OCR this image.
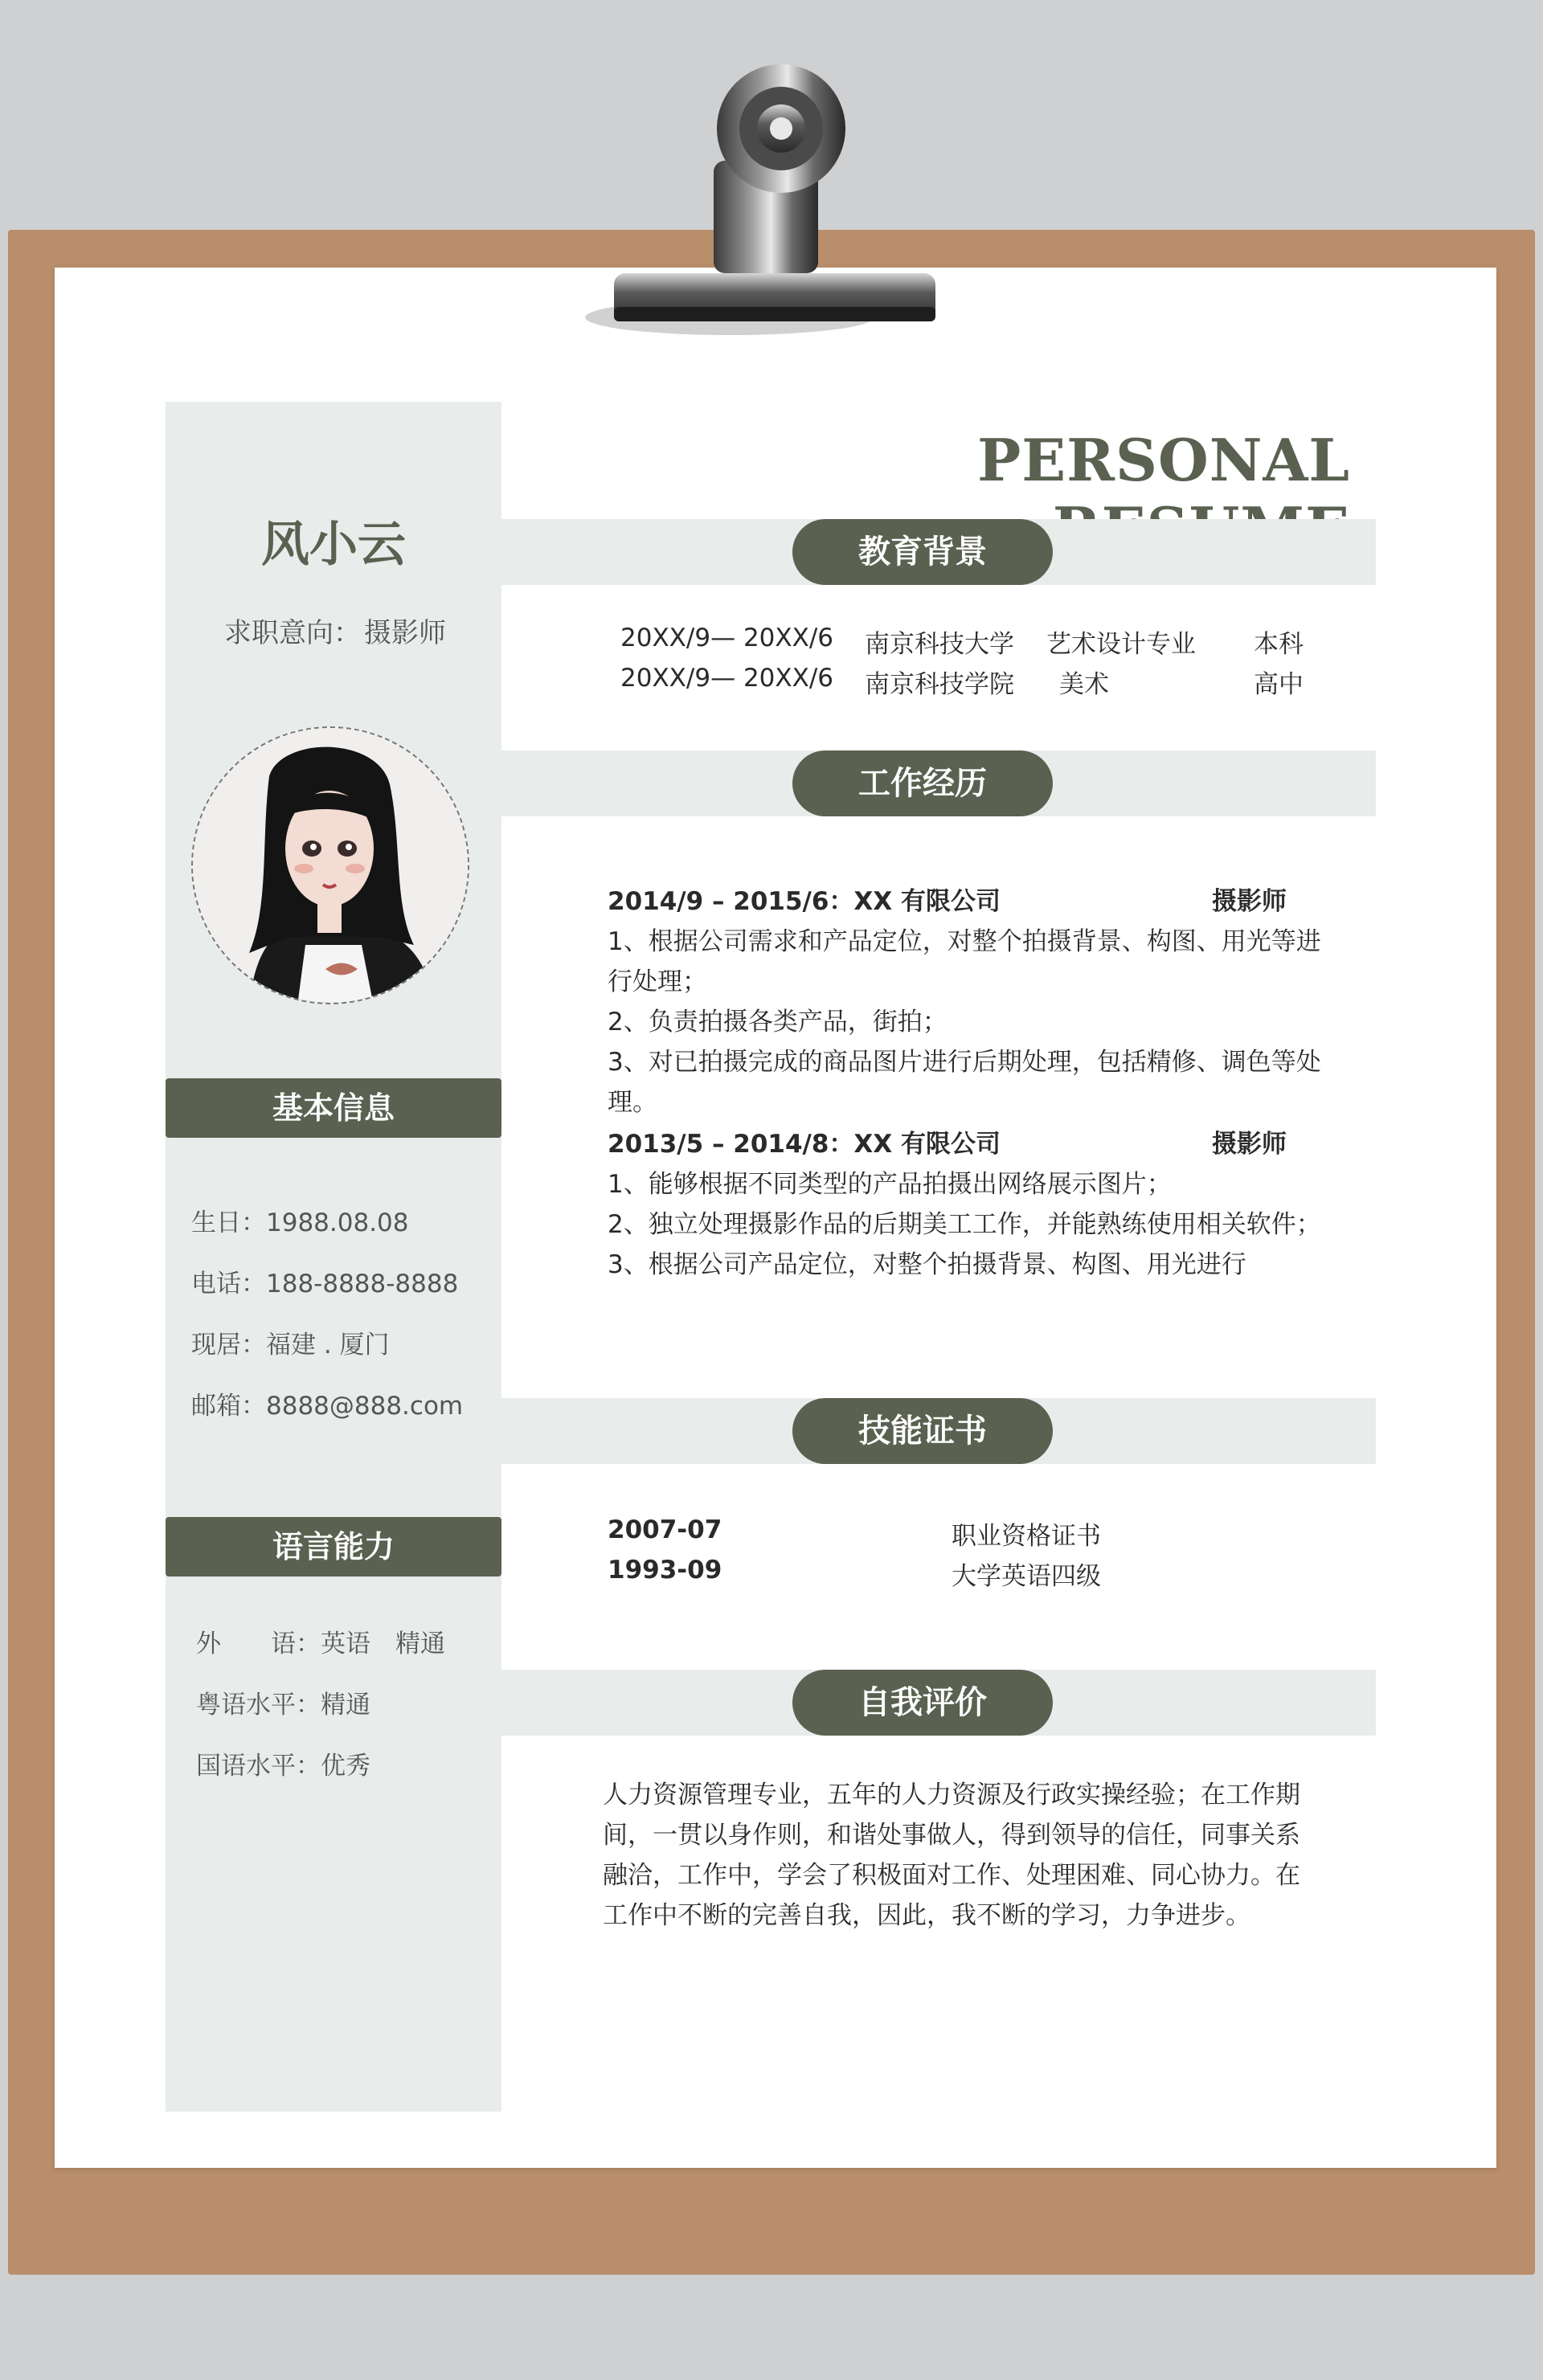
风小云
求职意向： 摄影师
基本信息
生日：1988.08.08
电话：188-8888-8888
现居：福建 . 厦门
邮箱：8888@888.com
语言能力
外　　语：英语　精通
粤语水平：精通
国语水平：优秀
PERSONAL
教育背景
20XX/9— 20XX/6 南京科技大学 艺术设计专业 本科
20XX/9— 20XX/6 南京科技学院 美术	高中
工作经历
2014/9 – 2015/6：XX 有限公司	摄影师
1、根据公司需求和产品定位，对整个拍摄背景、构图、用光等进
行处理；
2、负责拍摄各类产品，街拍；
3、对已拍摄完成的商品图片进行后期处理，包括精修、调色等处
理。
2013/5 – 2014/8：XX 有限公司	摄影师
1、能够根据不同类型的产品拍摄出网络展示图片；
2、独立处理摄影作品的后期美工工作，并能熟练使用相关软件；
3、根据公司产品定位，对整个拍摄背景、构图、用光进行
技能证书
2007-07	职业资格证书
1993-09	大学英语四级
自我评价
人力资源管理专业，五年的人力资源及行政实操经验；在工作期
间，一贯以身作则，和谐处事做人，得到领导的信任，同事关系
融洽，工作中，学会了积极面对工作、处理困难、同心协力。在
工作中不断的完善自我，因此，我不断的学习，力争进步。
